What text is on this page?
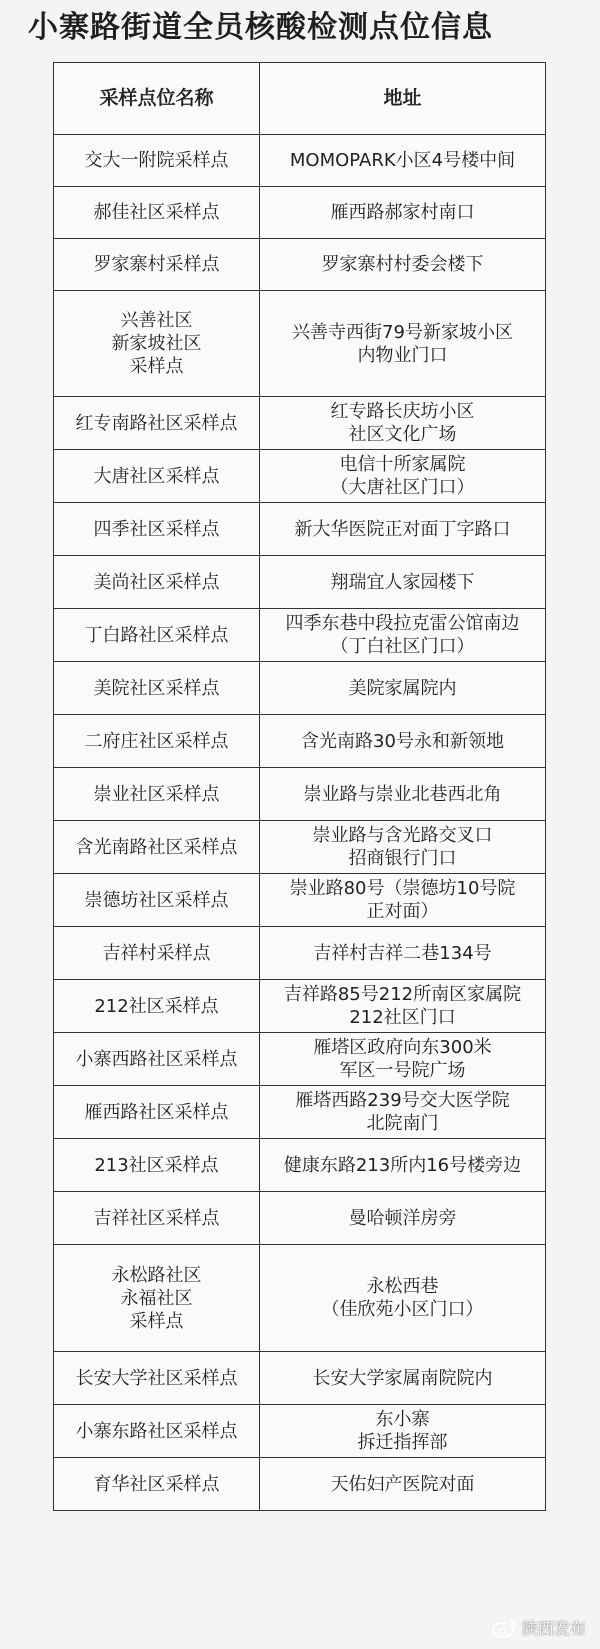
小寨路街道全员核酸检测点位信息
采样点位名称	地址
交大一附院采样点	MOMOPARK小区4号楼中间
郝佳社区采样点	雁西路郝家村南口
罗家寨村采样点	罗家寨村村委会楼下
兴善社区
新家坡社区
采样点	兴善寺西街79号新家坡小区
内物业门口
红专南路社区采样点	红专路长庆坊小区
社区文化广场
大唐社区采样点	电信十所家属院
（大唐社区门口）
四季社区采样点	新大华医院正对面丁字路口
美尚社区采样点	翔瑞宜人家园楼下
丁白路社区采样点	四季东巷中段拉克雷公馆南边
（丁白社区门口）
美院社区采样点	美院家属院内
二府庄社区采样点	含光南路30号永和新领地
崇业社区采样点	崇业路与崇业北巷西北角
含光南路社区采样点	崇业路与含光路交叉口
招商银行门口
崇德坊社区采样点	崇业路80号（崇德坊10号院
正对面）
吉祥村采样点	吉祥村吉祥二巷134号
212社区采样点	吉祥路85号212所南区家属院
212社区门口
小寨西路社区采样点	雁塔区政府向东300米
军区一号院广场
雁西路社区采样点	雁塔西路239号交大医学院
北院南门
213社区采样点	健康东路213所内16号楼旁边
吉祥社区采样点	曼哈顿洋房旁
永松路社区
永福社区
采样点	永松西巷
（佳欣苑小区门口）
长安大学社区采样点	长安大学家属南院院内
小寨东路社区采样点	东小寨
拆迁指挥部
育华社区采样点	天佑妇产医院对面
陕西发布
